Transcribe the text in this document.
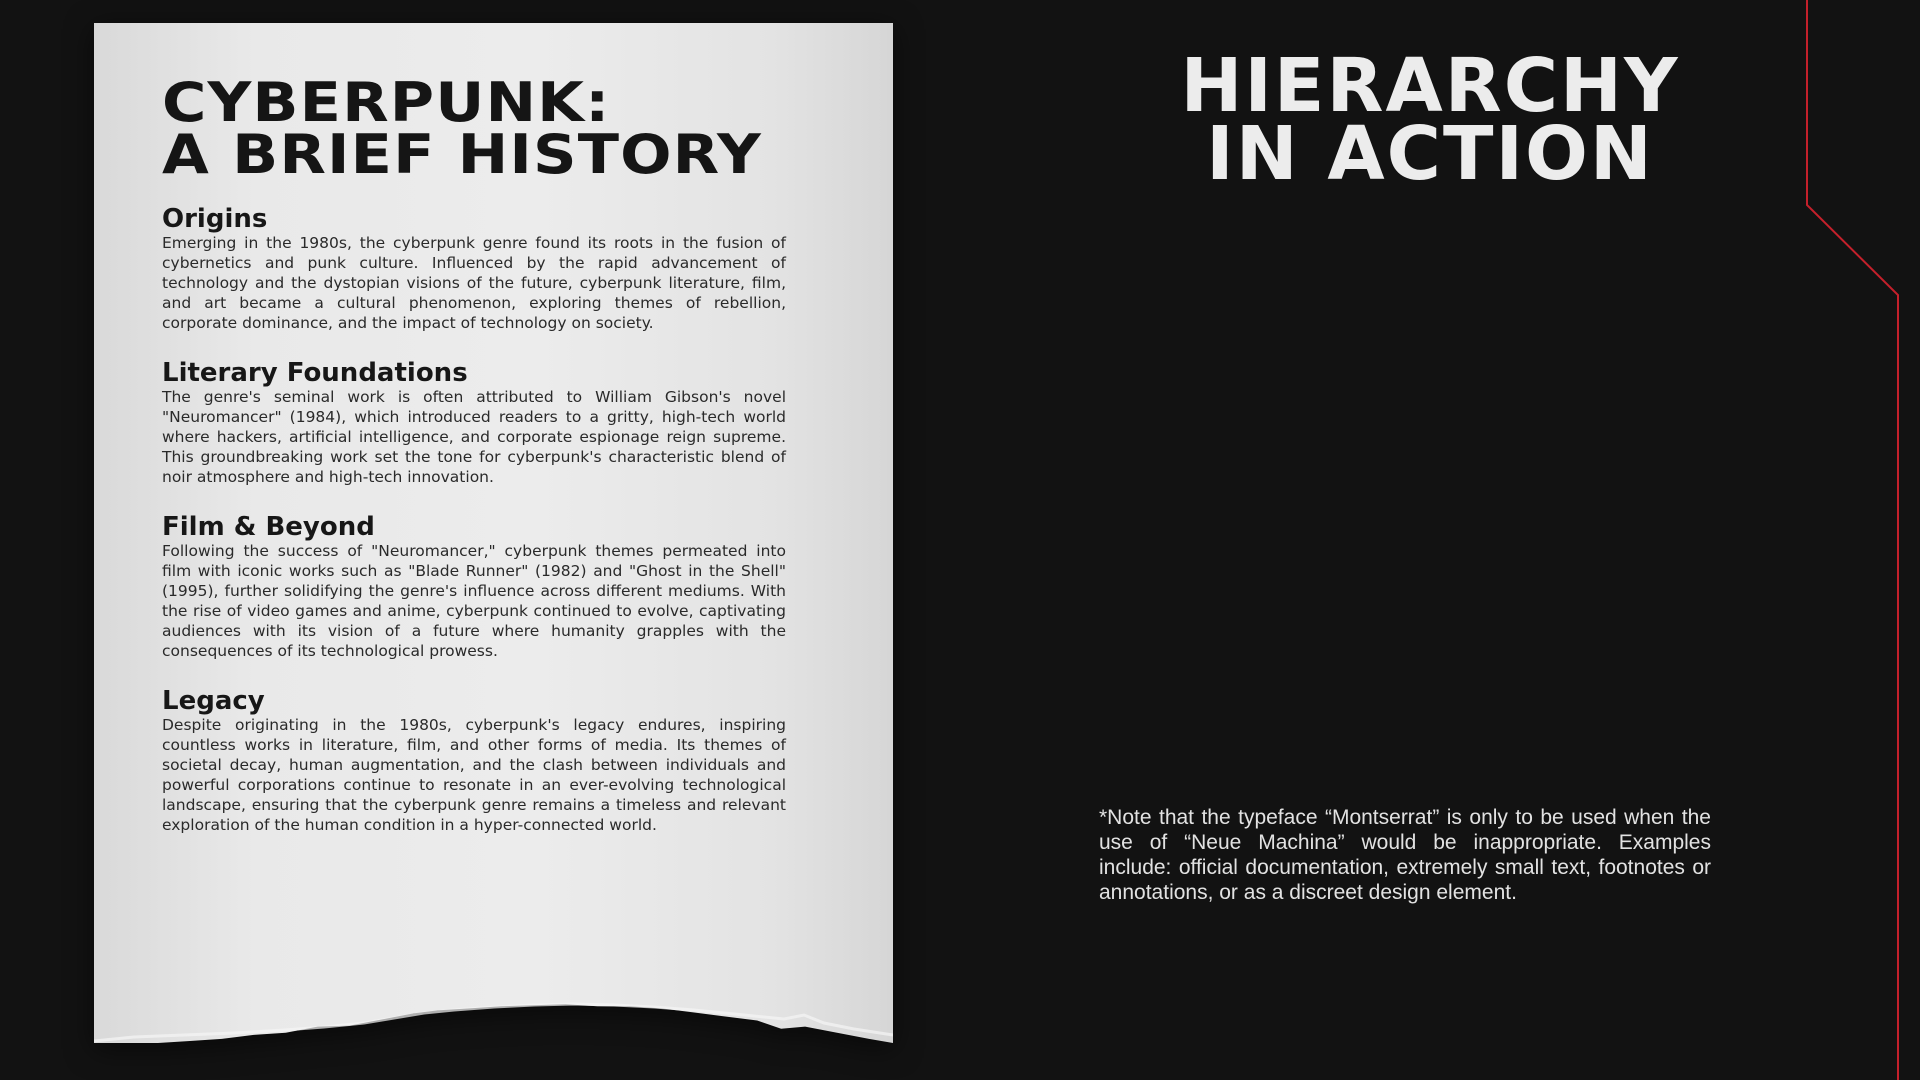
CYBERPUNK:
A BRIEF HISTORY
Origins

Emerging in the 1980s, the cyberpunk genre found its roots in the fusion of cybernetics and punk culture. Influenced by the rapid advancement of technology and the dystopian visions of the future, cyberpunk literature, film, and art became a cultural phenomenon, exploring themes of rebellion, corporate dominance, and the impact of technology on society.

Literary Foundations

The genre's seminal work is often attributed to William Gibson's novel "Neuromancer" (1984), which introduced readers to a gritty, high-tech world where hackers, artificial intelligence, and corporate espionage reign supreme. This groundbreaking work set the tone for cyberpunk's characteristic blend of noir atmosphere and high-tech innovation.

Film & Beyond

Following the success of "Neuromancer," cyberpunk themes permeated into film with iconic works such as "Blade Runner" (1982) and "Ghost in the Shell" (1995), further solidifying the genre's influence across different mediums. With the rise of video games and anime, cyberpunk continued to evolve, captivating audiences with its vision of a future where humanity grapples with the consequences of its technological prowess.

Legacy

Despite originating in the 1980s, cyberpunk's legacy endures, inspiring countless works in literature, film, and other forms of media. Its themes of societal decay, human augmentation, and the clash between individuals and powerful corporations continue to resonate in an ever-evolving technological landscape, ensuring that the cyberpunk genre remains a timeless and relevant exploration of the human condition in a hyper-connected world.

HIERARCHY
IN ACTION

*Note that the typeface “Montserrat” is only to be used when the use of “Neue Machina” would be inappropriate. Examples include: official documentation, extremely small text, footnotes or annotations, or as a discreet design element.
